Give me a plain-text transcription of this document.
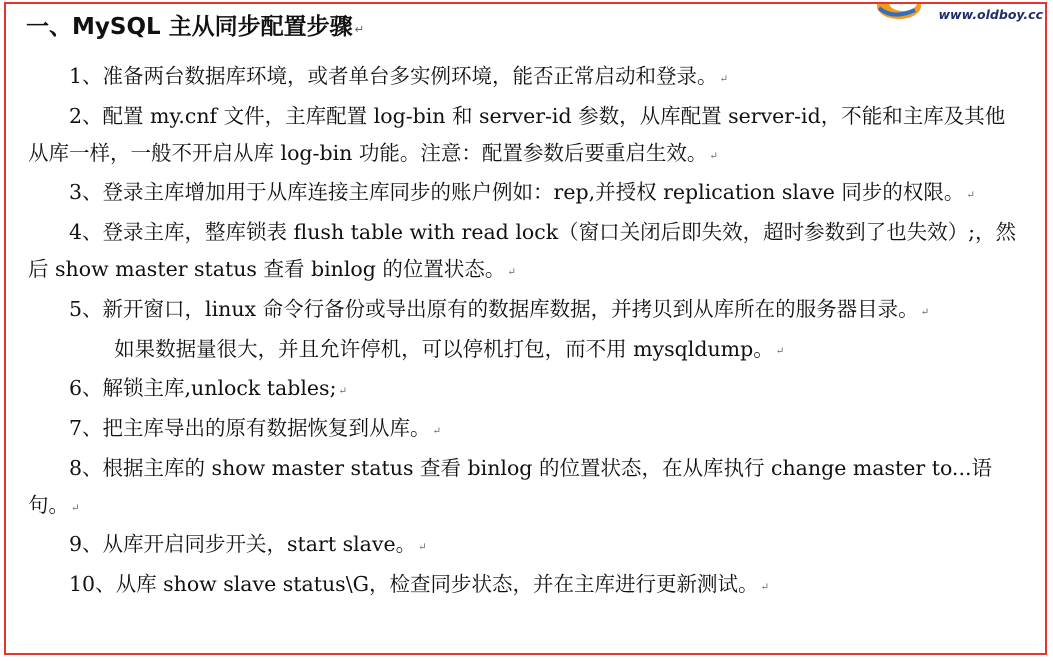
一、MySQL 主从同步配置步骤 ↵
www.oldboy.cc

1、准备两台数据库环境，或者单台多实例环境，能否正常启动和登录。 ↵

2、配置 my.cnf 文件，主库配置 log-bin 和 server-id 参数，从库配置 server-id，不能和主库及其他从库一样，一般不开启从库 log-bin 功能。注意：配置参数后要重启生效。 ↵

3、登录主库增加用于从库连接主库同步的账户例如：rep,并授权 replication slave 同步的权限。 ↵

4、登录主库，整库锁表 flush table with read lock（窗口关闭后即失效，超时参数到了也失效）;，然后 show master status 查看 binlog 的位置状态。 ↵

5、新开窗口，linux 命令行备份或导出原有的数据库数据，并拷贝到从库所在的服务器目录。 ↵

如果数据量很大，并且允许停机，可以停机打包，而不用 mysqldump。 ↵

6、解锁主库,unlock tables; ↵

7、把主库导出的原有数据恢复到从库。 ↵

8、根据主库的 show master status 查看 binlog 的位置状态，在从库执行 change master to...语句。 ↵

9、从库开启同步开关，start slave。 ↵

10、从库 show slave status\G，检查同步状态，并在主库进行更新测试。 ↵
